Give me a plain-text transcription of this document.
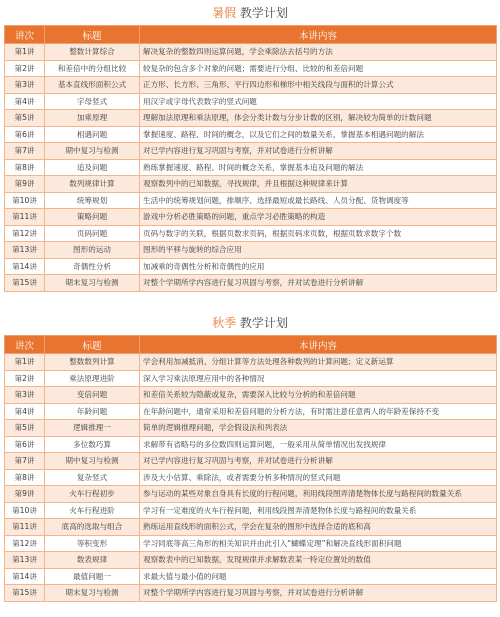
暑假 教学计划
讲次	标题	本讲内容
第1讲	整数计算综合	解决复杂的整数四则运算问题，学会乘除法去括号的方法
第2讲	和差倍中的分组比较	较复杂的包含多个对象的问题；需要进行分组、比较的和差倍问题
第3讲	基本直线形面积公式	正方形、长方形、三角形、平行四边形和梯形中相关线段与面积的计算公式
第4讲	字母竖式	用汉字或字母代表数字的竖式问题
第5讲	加乘原理	理解加法原理和乘法原理，体会分类计数与分步计数的区别，解决较为简单的计数问题
第6讲	相遇问题	掌握速度、路程、时间的概念，以及它们之间的数量关系，掌握基本相遇问题的解法
第7讲	期中复习与检测	对已学内容进行复习巩固与考察，并对试卷进行分析讲解
第8讲	追及问题	熟练掌握速度、路程、时间的概念关系，掌握基本追及问题的解法
第9讲	数列规律计算	观察数列中的已知数据，寻找规律，并且根据这种规律来计算
第10讲	统筹规划	生活中的统筹规划问题，排顺序、选择最短或最长路线、人员分配、货物调度等
第11讲	策略问题	游戏中分析必胜策略的问题，重点学习必胜策略的构造
第12讲	页码问题	页码与数字的关联，根据页数求页码，根据页码求页数，根据页数求数字个数
第13讲	图形的运动	图形的平移与旋转的综合应用
第14讲	奇偶性分析	加减乘的奇偶性分析和奇偶性的应用
第15讲	期末复习与检测	对整个学期所学内容进行复习巩固与考察，并对试卷进行分析讲解
秋季 教学计划
讲次	标题	本讲内容
第1讲	整数数列计算	学会利用加减抵消、分组计算等方法处理各种数列的计算问题；定义新运算
第2讲	乘法原理进阶	深入学习乘法原理应用中的各种情况
第3讲	变倍问题	和差倍关系较为隐蔽或复杂，需要深入比较与分析的和差倍问题
第4讲	年龄问题	在年龄问题中，通常采用和差倍问题的分析方法，有时需注意任意两人的年龄差保持不变
第5讲	逻辑推理一	简单的逻辑推理问题，学会假设法和列表法
第6讲	多位数巧算	求解带有省略号的多位数四则运算问题，一般采用从简单情况出发找规律
第7讲	期中复习与检测	对已学内容进行复习巩固与考察，并对试卷进行分析讲解
第8讲	复杂竖式	涉及大小估算、乘除法，或者需要分析多种情况的竖式问题
第9讲	火车行程初步	参与运动的某些对象自身具有长度的行程问题，利用线段图弄清楚物体长度与路程间的数量关系
第10讲	火车行程进阶	学习有一定难度的火车行程问题，利用线段图弄清楚物体长度与路程间的数量关系
第11讲	底高的选取与组合	熟练运用直线形的面积公式，学会在复杂的图形中选择合适的底和高
第12讲	等积变形	学习同底等高三角形的相关知识并由此引入“蝴蝶定理”和解决直线形面积问题
第13讲	数表规律	观察数表中的已知数据，发现规律并求解数表某一特定位置处的数值
第14讲	最值问题一	求最大值与最小值的问题
第15讲	期末复习与检测	对整个学期所学内容进行复习巩固与考察，并对试卷进行分析讲解
